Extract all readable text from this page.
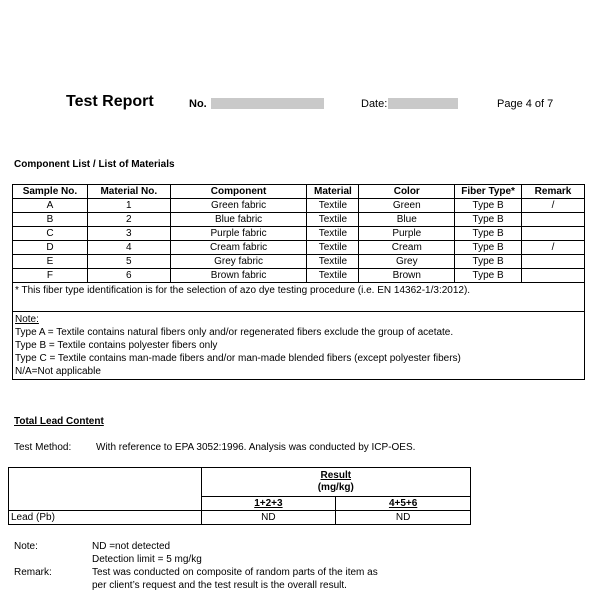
Test Report	No.	Date:	Page 4 of 7
Component List / List of Materials
Sample No.	Material No.	Component	Material	Color	Fiber Type*	Remark
A	1	Green fabric	Textile	Green	Type B	/
B	2	Blue fabric	Textile	Blue	Type B	
C	3	Purple fabric	Textile	Purple	Type B	
D	4	Cream fabric	Textile	Cream	Type B	/
E	5	Grey fabric	Textile	Grey	Type B	
F	6	Brown fabric	Textile	Brown	Type B	
* This fiber type identification is for the selection of azo dye testing procedure (i.e. EN 14362-1/3:2012).						

Note:
Type A = Textile contains natural fibers only and/or regenerated fibers exclude the group of acetate.
Type B = Textile contains polyester fibers only
Type C = Textile contains man-made fibers and/or man-made blended fibers (except polyester fibers)
N/A=Not applicable						
Total Lead Content
Test Method: With reference to EPA 3052:1996. Analysis was conducted by ICP-OES.

	Result
(mg/kg)	

	1+2+3	4+5+6
Lead (Pb)	ND	ND
Note:	ND =not detected
Detection limit = 5 mg/kg
Remark:	Test was conducted on composite of random parts of the item as
per client’s request and the test result is the overall result.
